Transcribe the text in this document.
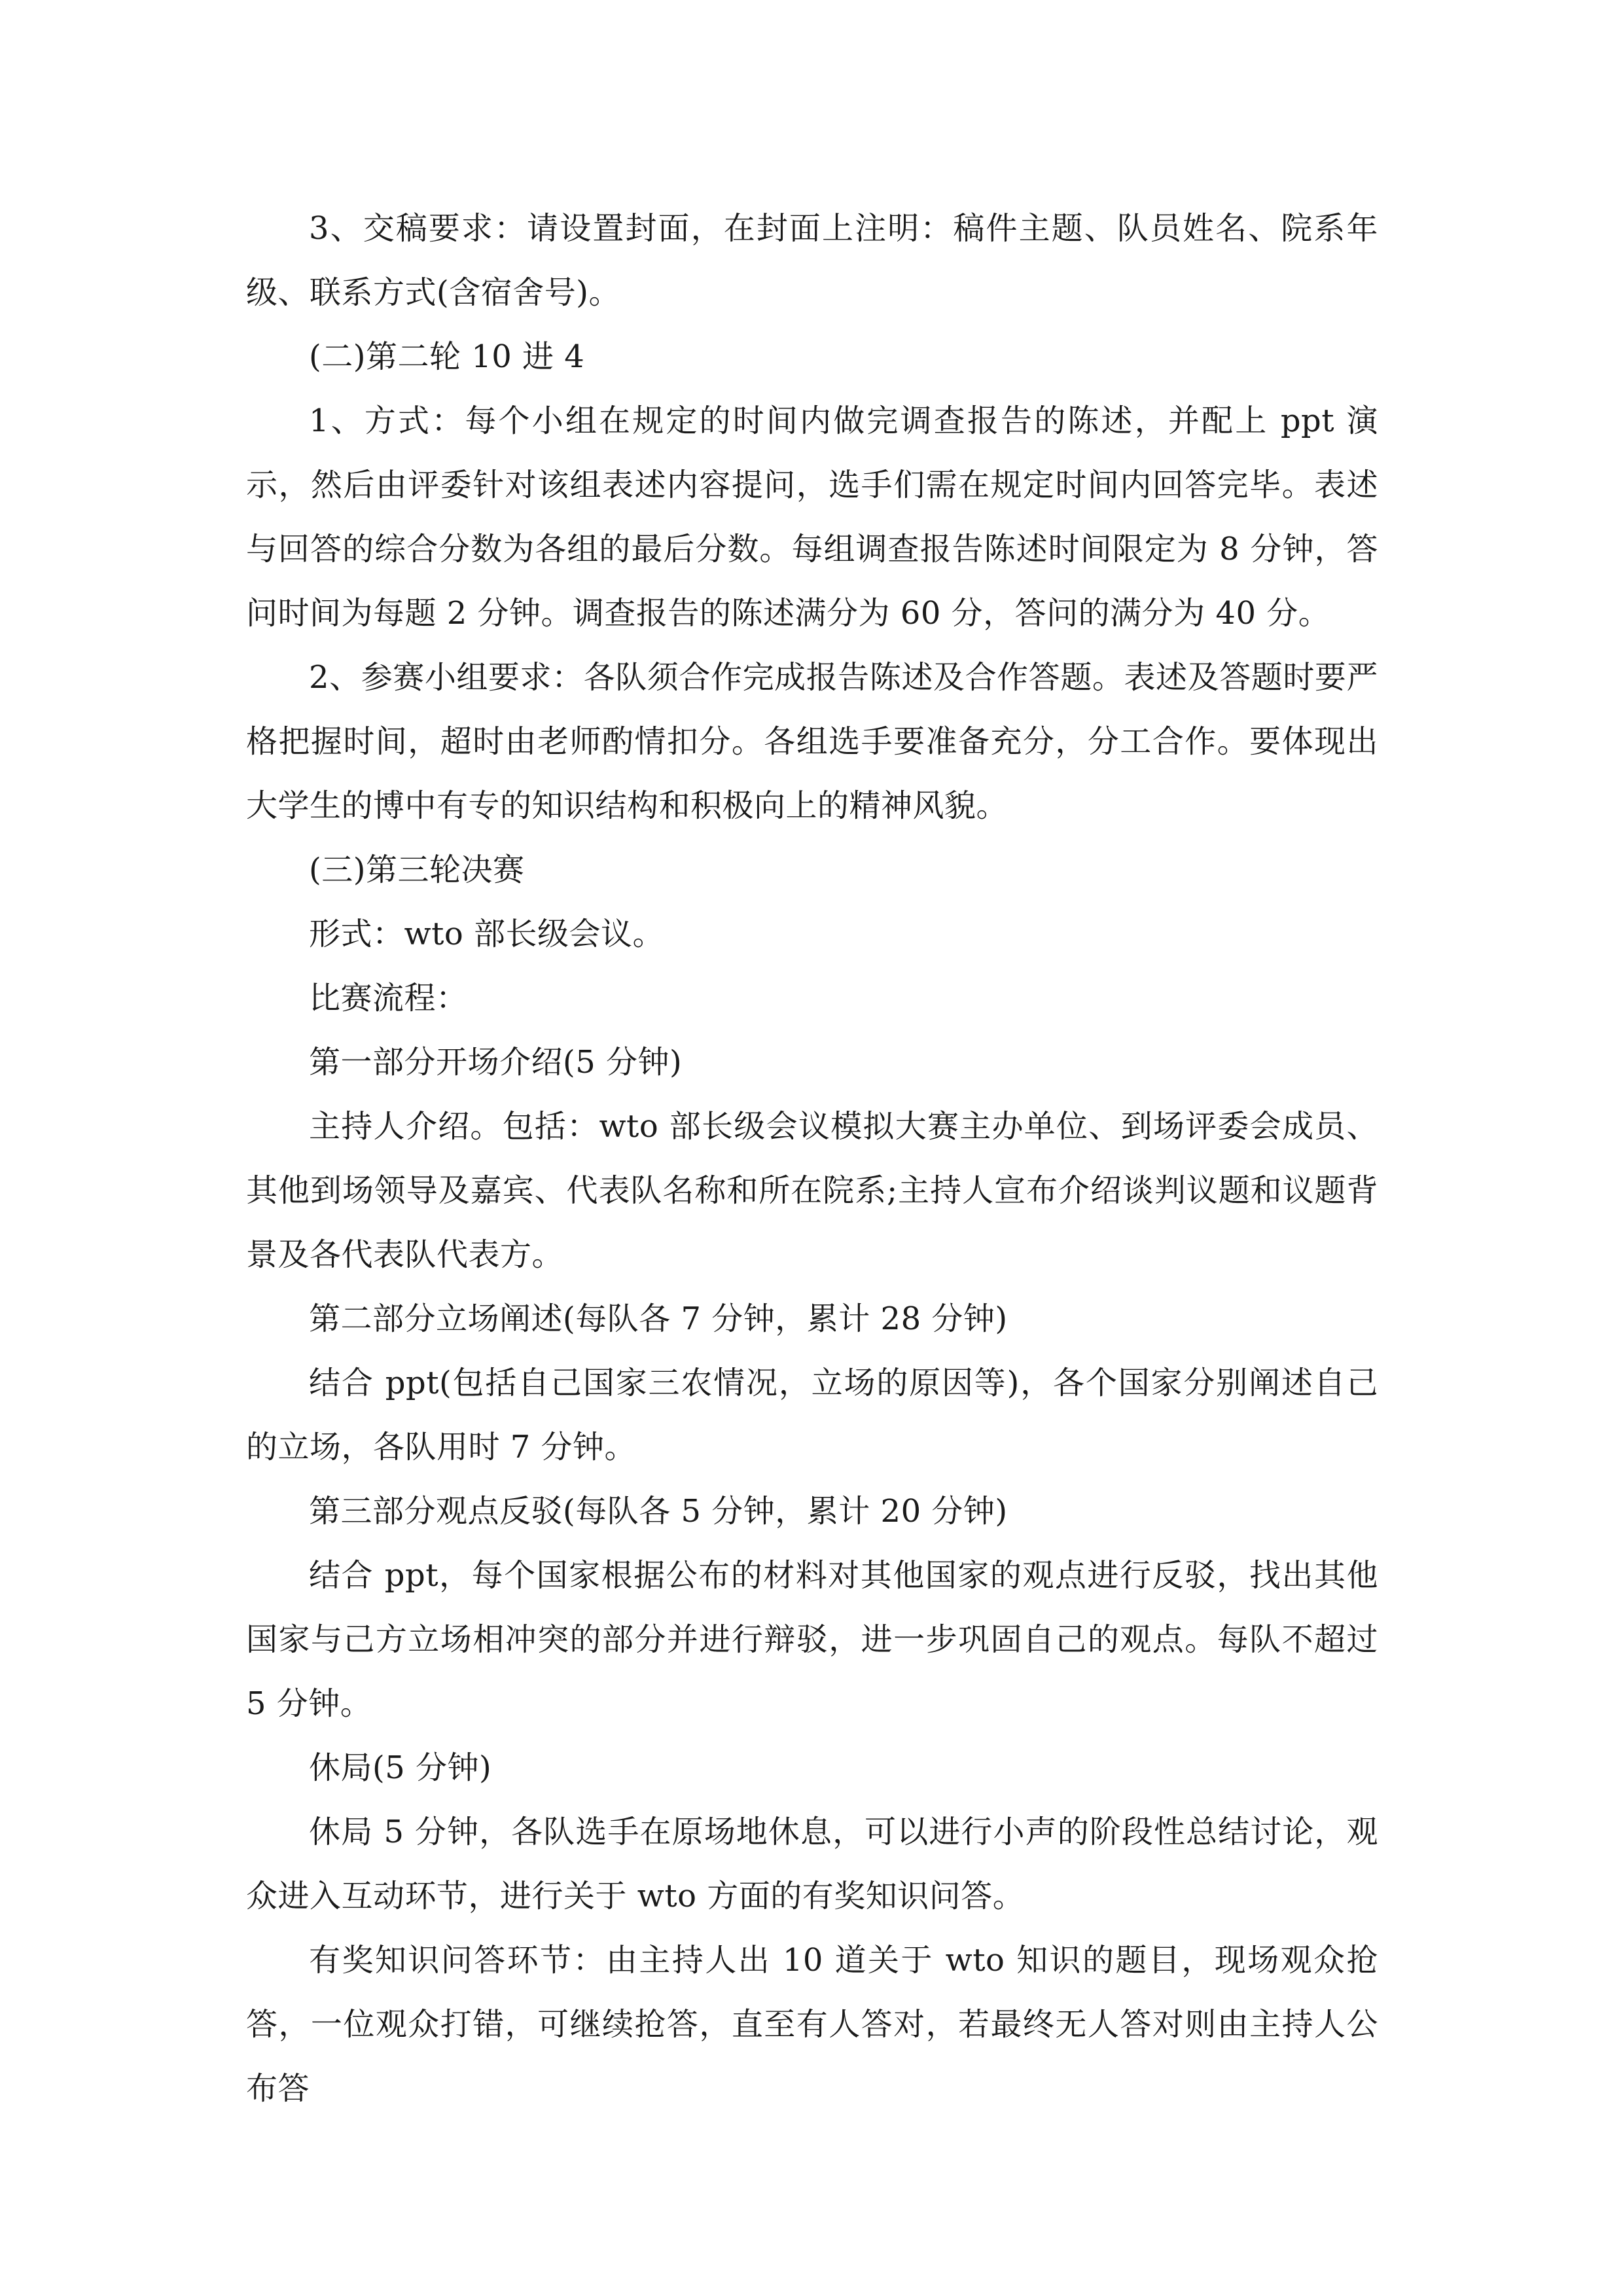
3、交稿要求：请设置封面，在封面上注明：稿件主题、队员姓名、院系年级、联系方式(含宿舍号)。

(二)第二轮 10 进 4

1、方式：每个小组在规定的时间内做完调查报告的陈述，并配上 ppt 演示，然后由评委针对该组表述内容提问，选手们需在规定时间内回答完毕。表述与回答的综合分数为各组的最后分数。每组调查报告陈述时间限定为 8 分钟，答问时间为每题 2 分钟。调查报告的陈述满分为 60 分，答问的满分为 40 分。

2、参赛小组要求：各队须合作完成报告陈述及合作答题。表述及答题时要严格把握时间，超时由老师酌情扣分。各组选手要准备充分，分工合作。要体现出大学生的博中有专的知识结构和积极向上的精神风貌。

(三)第三轮决赛

形式：wto 部长级会议。

比赛流程：

第一部分开场介绍(5 分钟)

主持人介绍。包括：wto 部长级会议模拟大赛主办单位、到场评委会成员、其他到场领导及嘉宾、代表队名称和所在院系;主持人宣布介绍谈判议题和议题背景及各代表队代表方。

第二部分立场阐述(每队各 7 分钟，累计 28 分钟)

结合 ppt(包括自己国家三农情况，立场的原因等)，各个国家分别阐述自己的立场，各队用时 7 分钟。

第三部分观点反驳(每队各 5 分钟，累计 20 分钟)

结合 ppt，每个国家根据公布的材料对其他国家的观点进行反驳，找出其他国家与己方立场相冲突的部分并进行辩驳，进一步巩固自己的观点。每队不超过 5 分钟。

休局(5 分钟)

休局 5 分钟，各队选手在原场地休息，可以进行小声的阶段性总结讨论，观众进入互动环节，进行关于 wto 方面的有奖知识问答。

有奖知识问答环节：由主持人出 10 道关于 wto 知识的题目，现场观众抢答，一位观众打错，可继续抢答，直至有人答对，若最终无人答对则由主持人公布答
